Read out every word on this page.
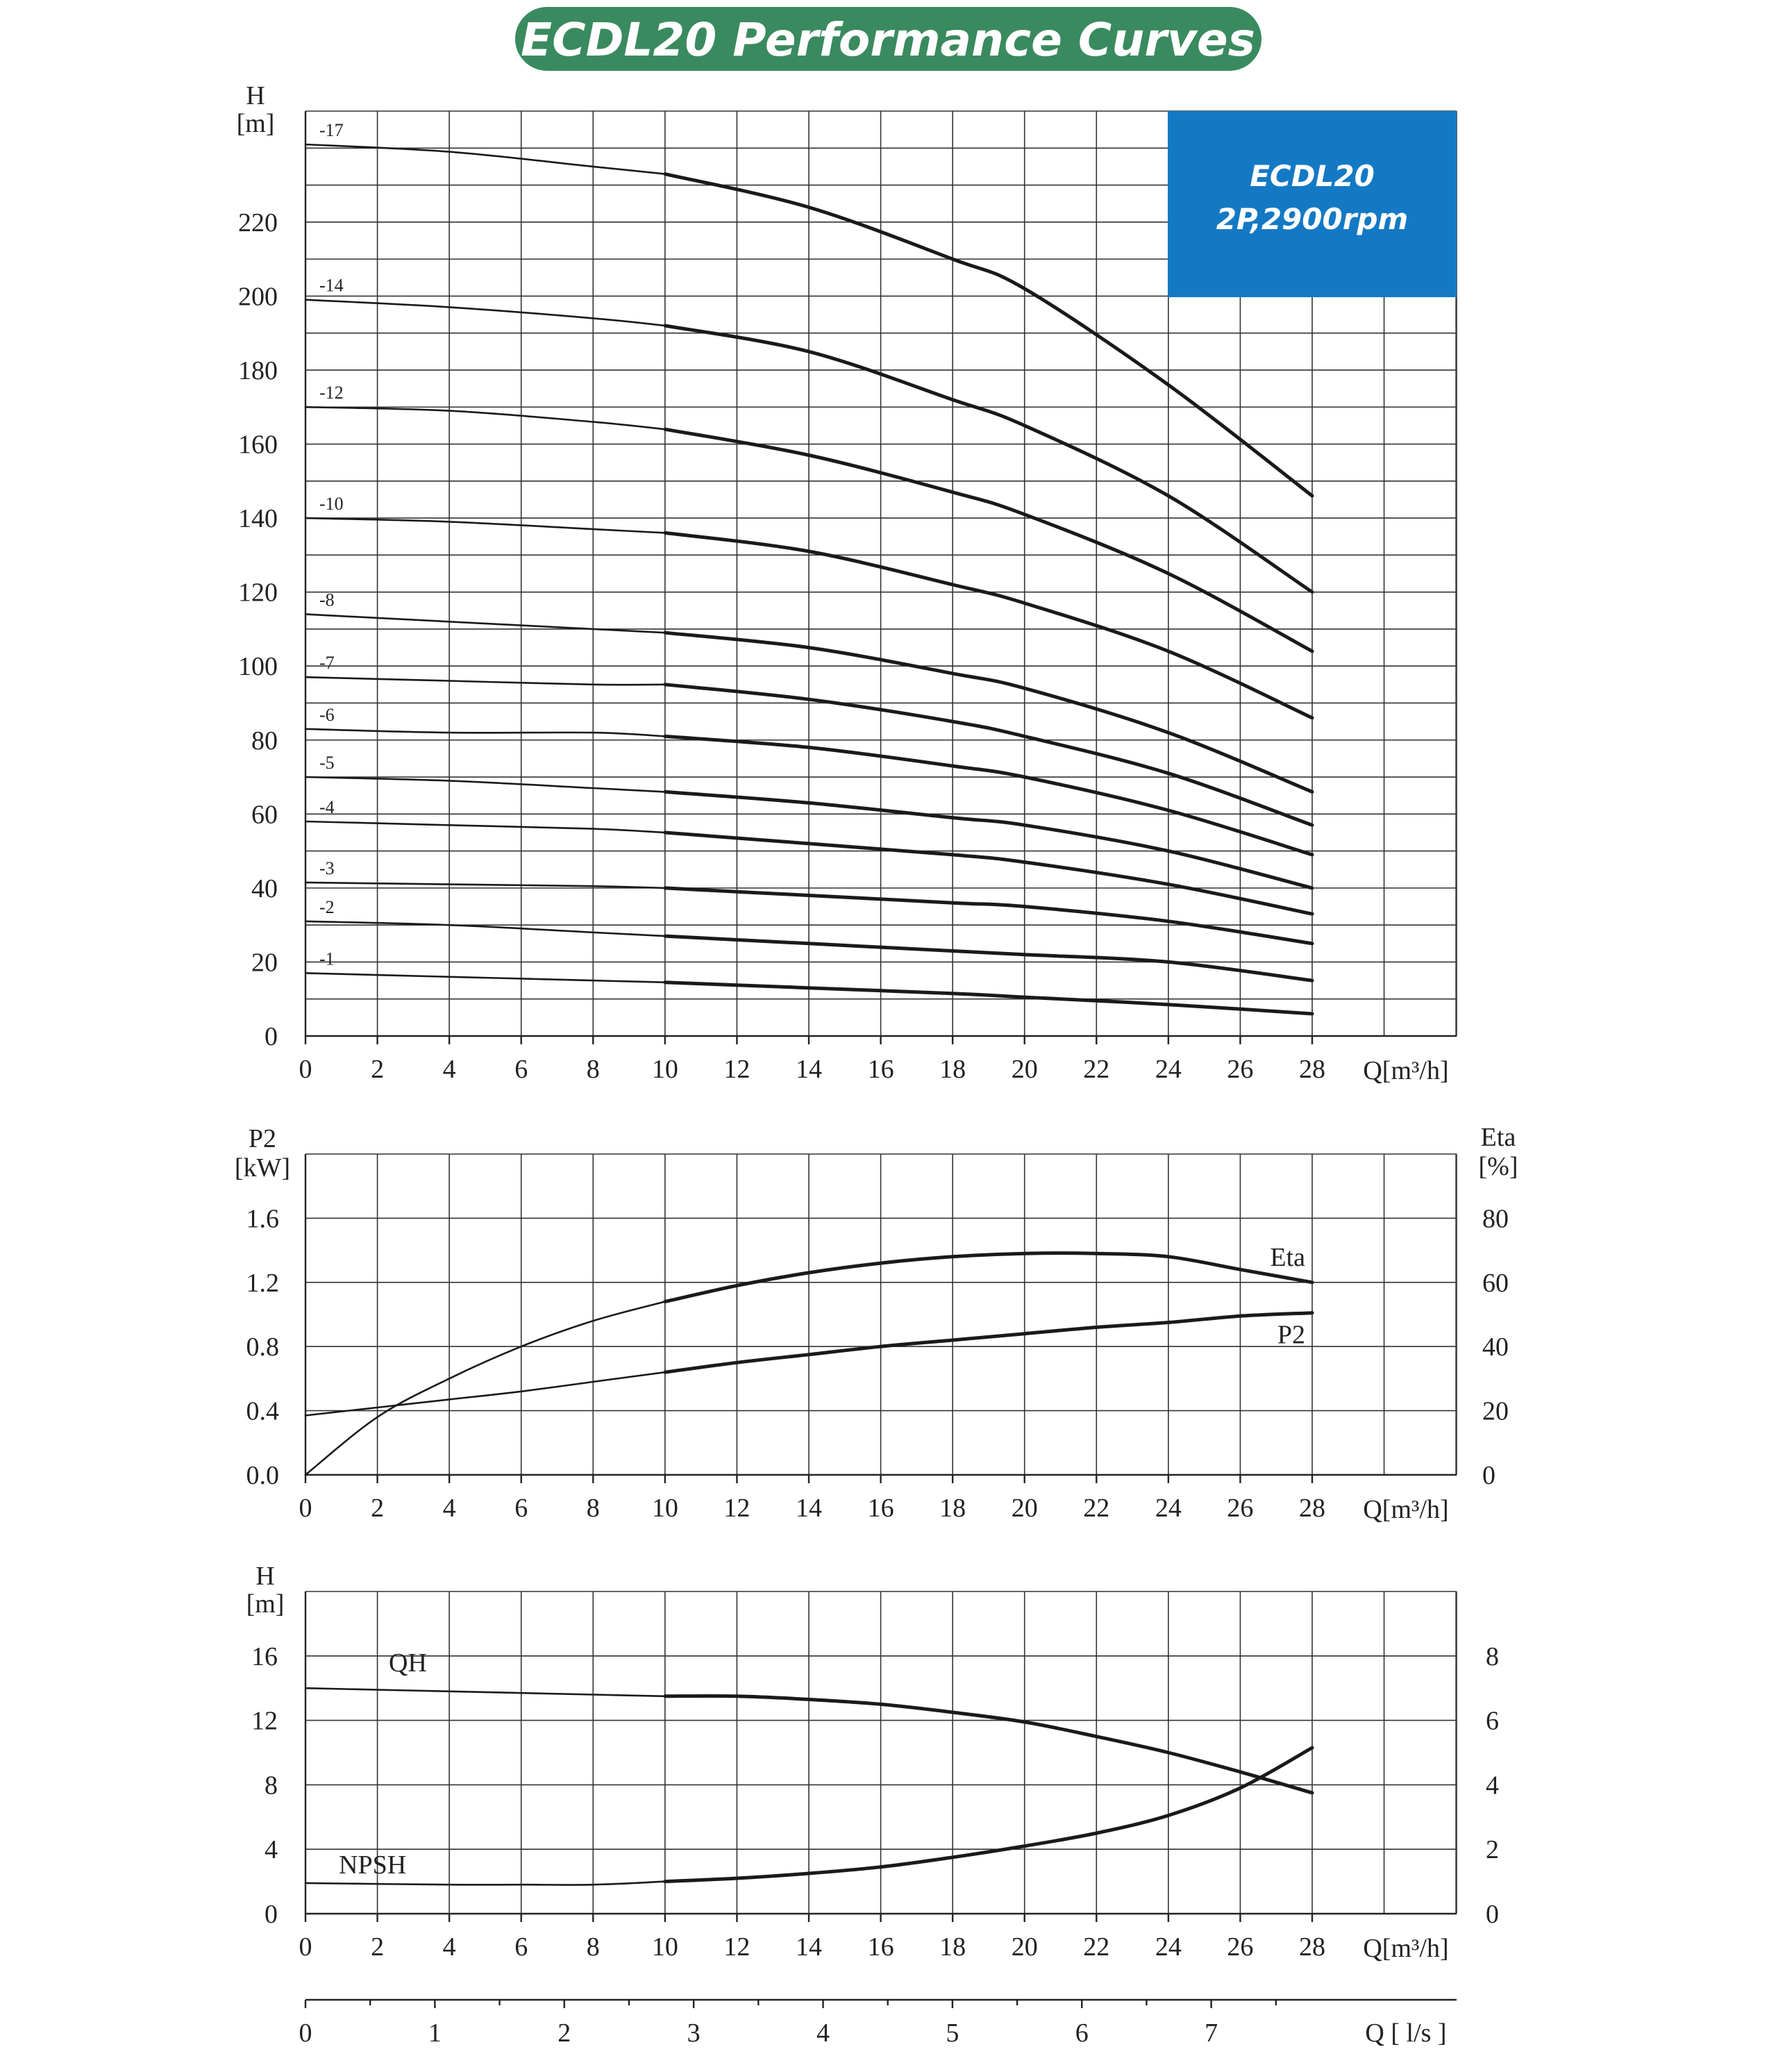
ECDL20 Performance Curves
0
20
40
60
80
100
120
140
160
180
200
220
H
[m]
0 2 4 6 8 10 12 14 16 18 20 22 24 26 28 Q[m³/h]
-17
-14
-12
-10
-8
-7
-6
-5
-4
-3
-2
-1
ECDL20
2P,2900rpm
0.0
0.4
0.8
1.2
1.6
0
20
40
60
80
P2
[kW]
Eta
[%]
0 2 4 6 8 10 12 14 16 18 20 22 24 26 28 Q[m³/h]
Eta
P2
0
4
8
12
16
0
2
4
6
8
H
[m]
0 2 4 6 8 10 12 14 16 18 20 22 24 26 28 Q[m³/h]
QH
NPSH
0	1	2	3	4	5	6	7	Q [ l/s ]
